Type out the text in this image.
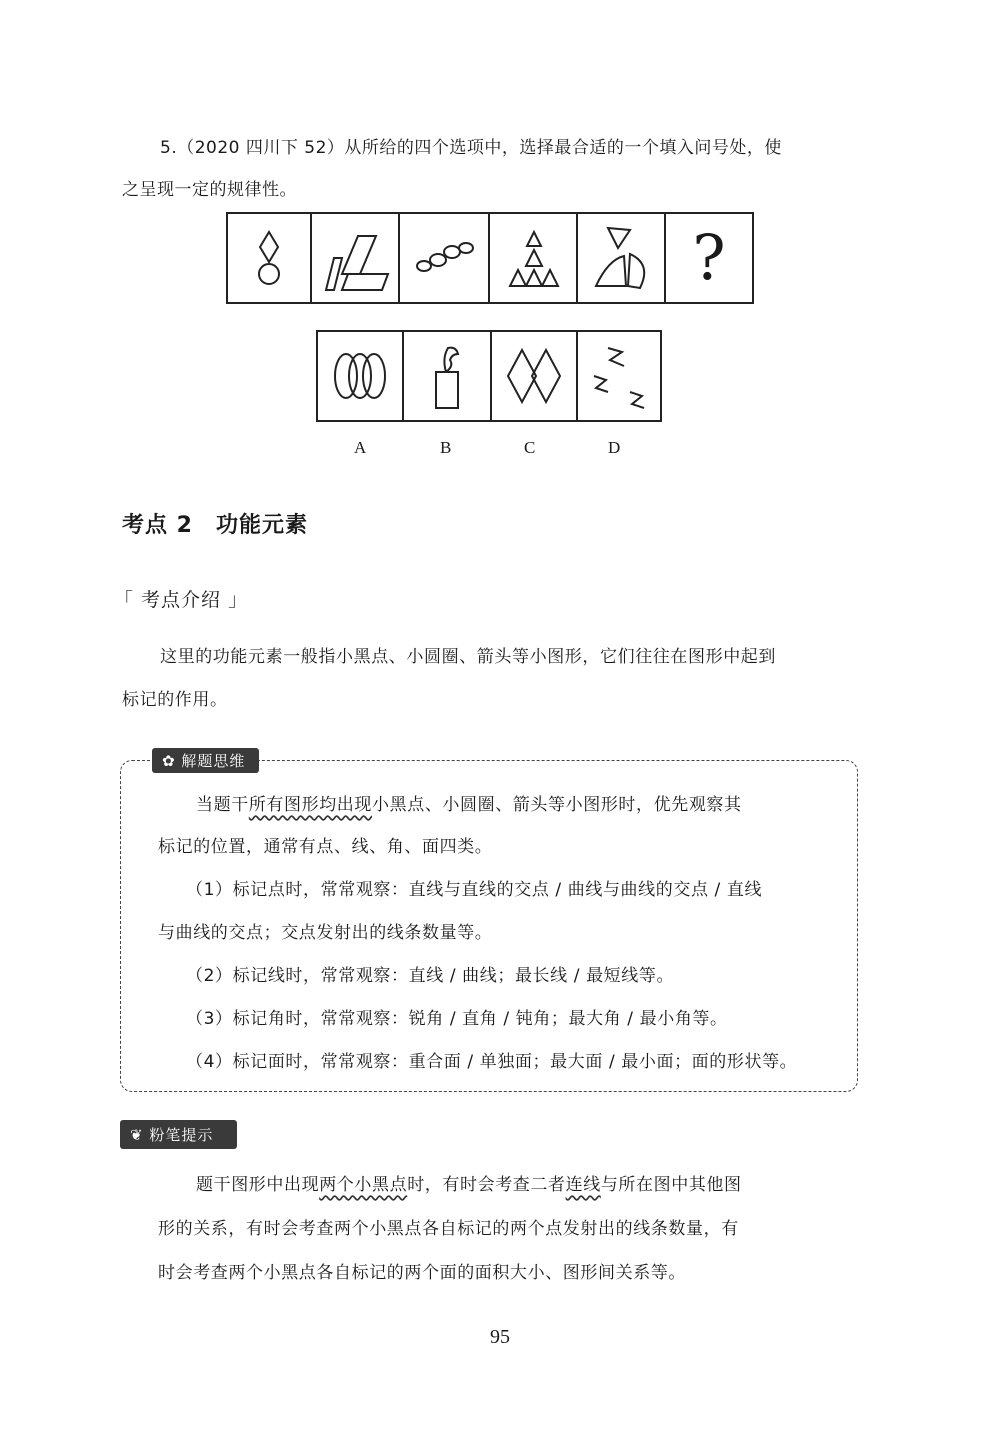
5.（2020 四川下 52）从所给的四个选项中，选择最合适的一个填入问号处，使
之呈现一定的规律性。
?
A	B	C	D
考点 2　功能元素
「 考点介绍 」
这里的功能元素一般指小黑点、小圆圈、箭头等小图形，它们往往在图形中起到
标记的作用。
✿ 解题思维
当题干所有图形均出现小黑点、小圆圈、箭头等小图形时，优先观察其
标记的位置，通常有点、线、角、面四类。
（1）标记点时，常常观察：直线与直线的交点 / 曲线与曲线的交点 / 直线
与曲线的交点；交点发射出的线条数量等。
（2）标记线时，常常观察：直线 / 曲线；最长线 / 最短线等。
（3）标记角时，常常观察：锐角 / 直角 / 钝角；最大角 / 最小角等。
（4）标记面时，常常观察：重合面 / 单独面；最大面 / 最小面；面的形状等。
❦ 粉笔提示
题干图形中出现两个小黑点时，有时会考查二者连线与所在图中其他图
形的关系，有时会考查两个小黑点各自标记的两个点发射出的线条数量，有
时会考查两个小黑点各自标记的两个面的面积大小、图形间关系等。
95
